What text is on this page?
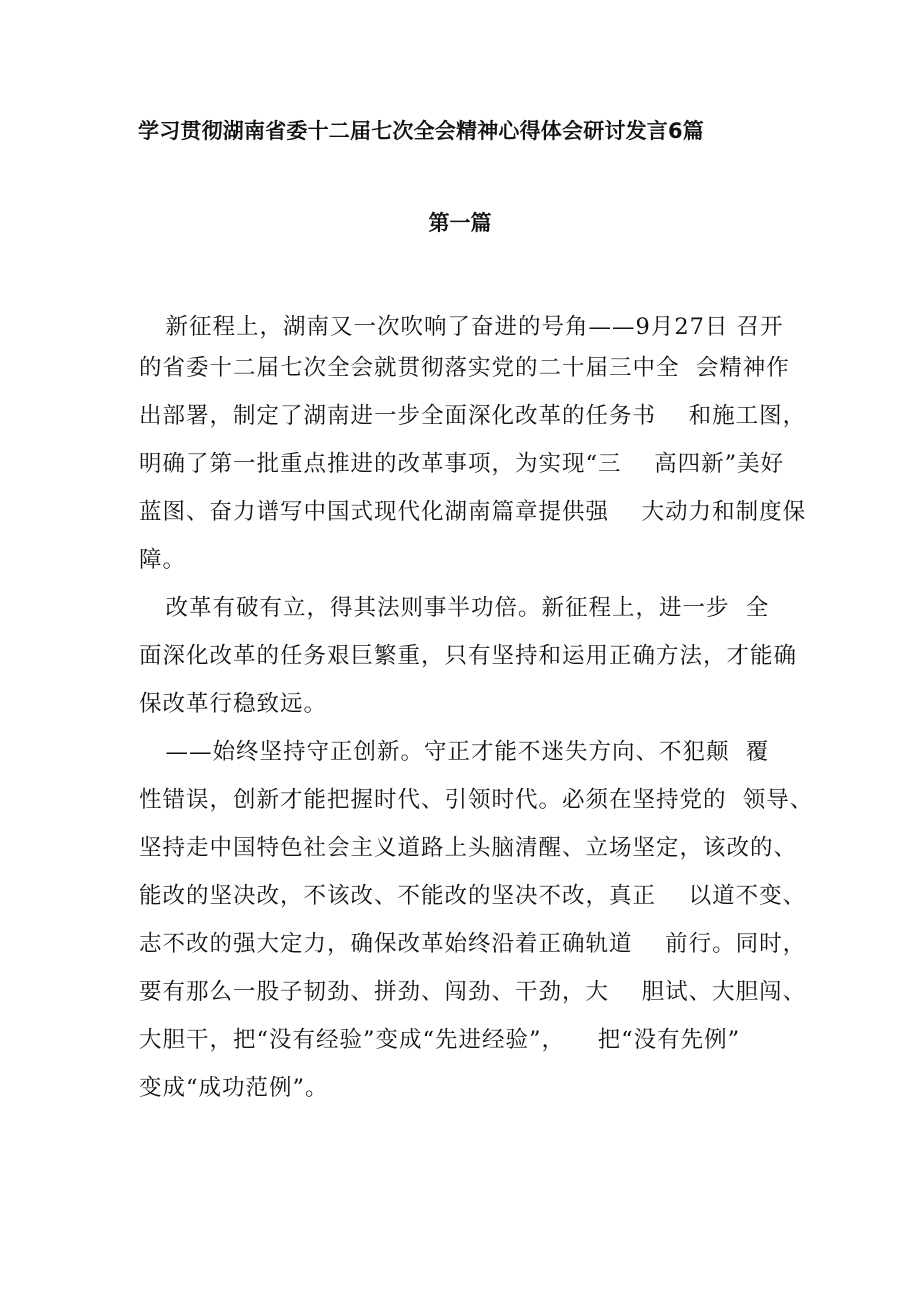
学习贯彻湖南省委十二届七次全会精神心得体会研讨发言6篇
第一篇
　新征程上，湖南又一次吹响了奋进的号角——9月27日 召开
的省委十二届七次全会就贯彻落实党的二十届三中全  会精神作
出部署，制定了湖南进一步全面深化改革的任务书    和施工图，
明确了第一批重点推进的改革事项，为实现“三    高四新”美好
蓝图、奋力谱写中国式现代化湖南篇章提供强    大动力和制度保
障。
　改革有破有立，得其法则事半功倍。新征程上，进一步  全
面深化改革的任务艰巨繁重，只有坚持和运用正确方法，才能确
保改革行稳致远。
　——始终坚持守正创新。守正才能不迷失方向、不犯颠  覆
性错误，创新才能把握时代、引领时代。必须在坚持党的  领导、
坚持走中国特色社会主义道路上头脑清醒、立场坚定，该改的、
能改的坚决改，不该改、不能改的坚决不改，真正    以道不变、
志不改的强大定力，确保改革始终沿着正确轨道    前行。同时，
要有那么一股子韧劲、拼劲、闯劲、干劲，大    胆试、大胆闯、
大胆干，把“没有经验”变成“先进经验”，    把“没有先例”
变成“成功范例”。
